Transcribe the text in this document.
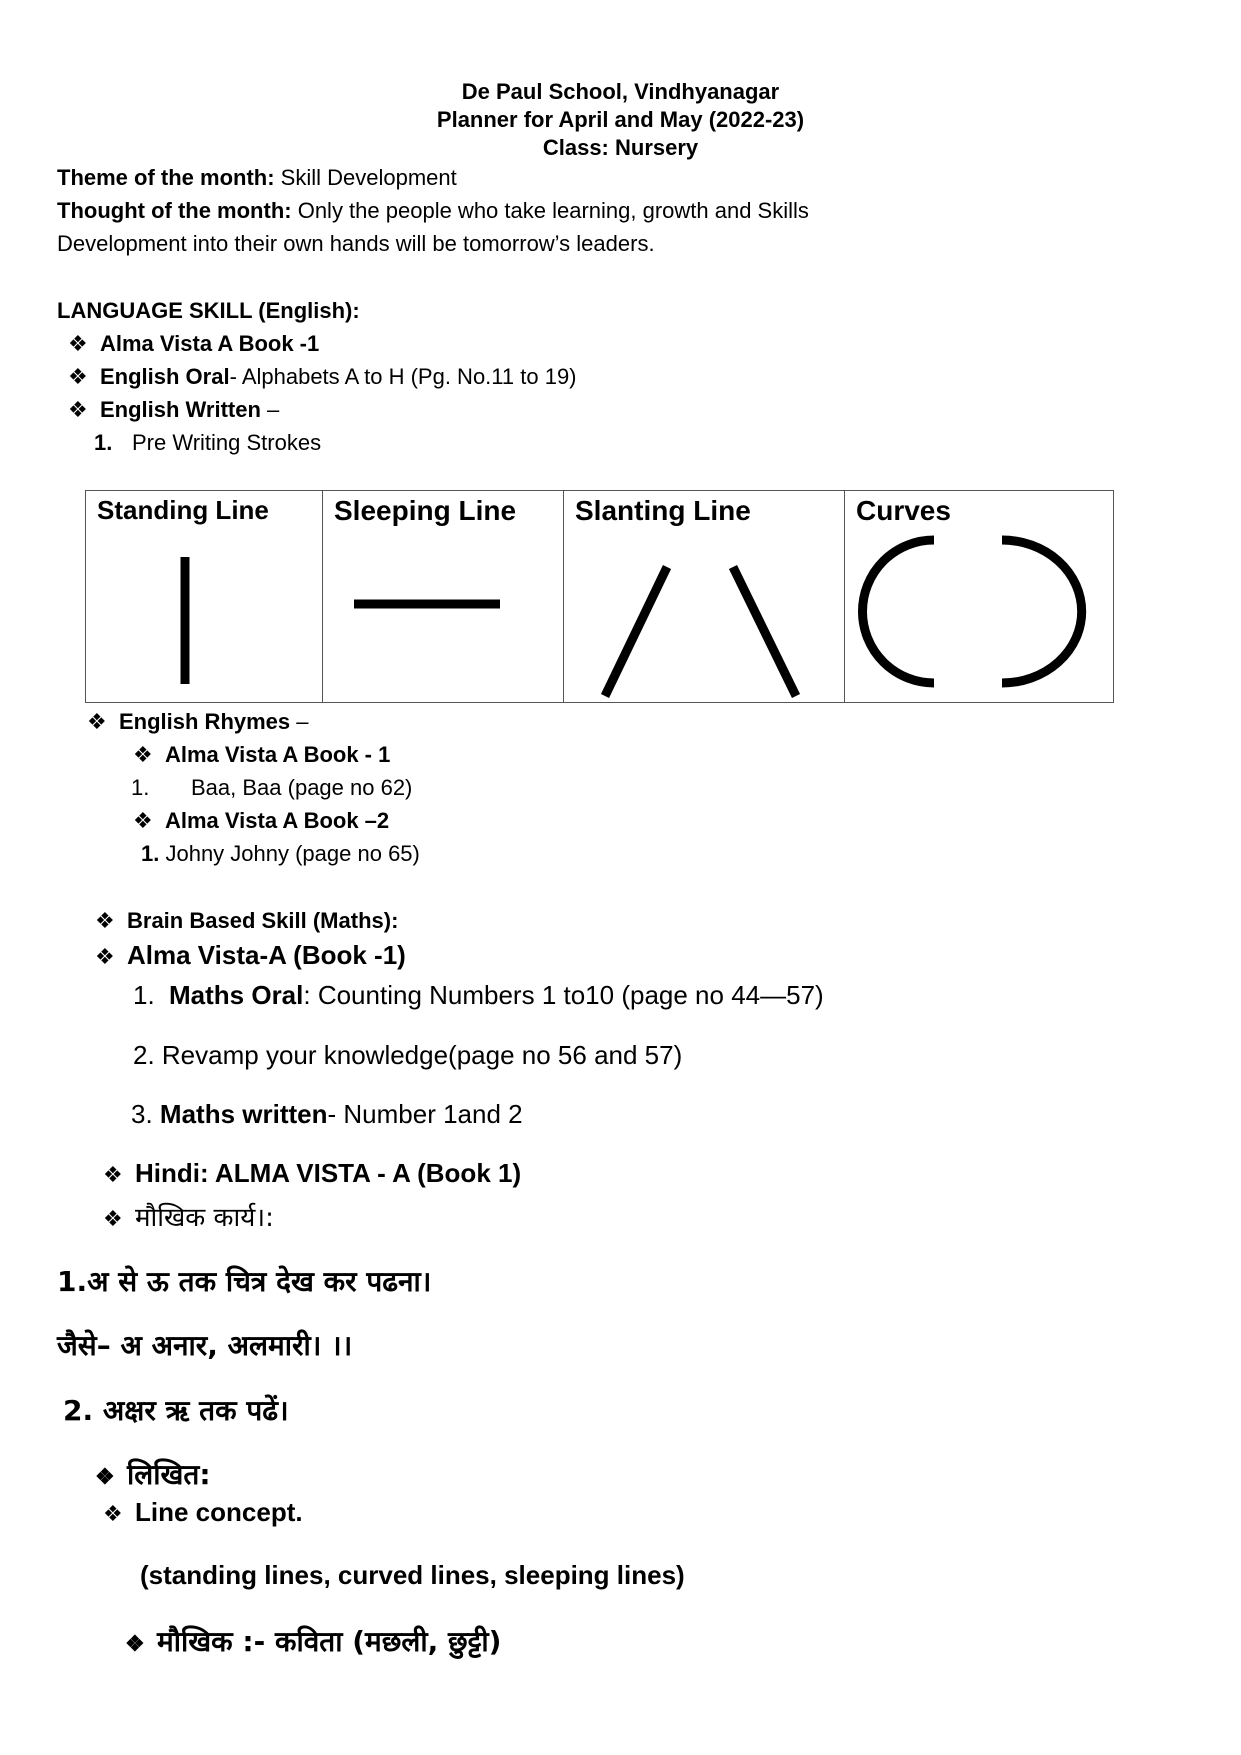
De Paul School, Vindhyanagar
Planner for April and May (2022-23)
Class: Nursery
Theme of the month: Skill Development
Thought of the month: Only the people who take learning, growth and Skills
Development into their own hands will be tomorrow’s leaders.
LANGUAGE SKILL (English):
❖ Alma Vista A Book -1
❖ English Oral- Alphabets A to H (Pg. No.11 to 19)
❖ English Written –
1. Pre Writing Strokes
Standing Line	Sleeping Line	Slanting Line	Curves
❖ English Rhymes –
❖ Alma Vista A Book - 1
1. Baa, Baa (page no 62)
❖ Alma Vista A Book –2
1. Johny Johny (page no 65)
❖ Brain Based Skill (Maths):
❖ Alma Vista-A (Book -1)
1. Maths Oral: Counting Numbers 1 to10 (page no 44—57)
2. Revamp your knowledge(page no 56 and 57)
3. Maths written- Number 1and 2
❖ Hindi: ALMA VISTA - A (Book 1)
❖ मौखिक कार्य।:
1.अ से ऊ तक चित्र देख कर पढना।
जैसे– अ अनार, अलमारी। ।।
2. अक्षर ऋ तक पढें।
❖ लिखित:
❖ Line concept.
(standing lines, curved lines, sleeping lines)
❖ मौखिक :- कविता (मछली, छुट्टी)
